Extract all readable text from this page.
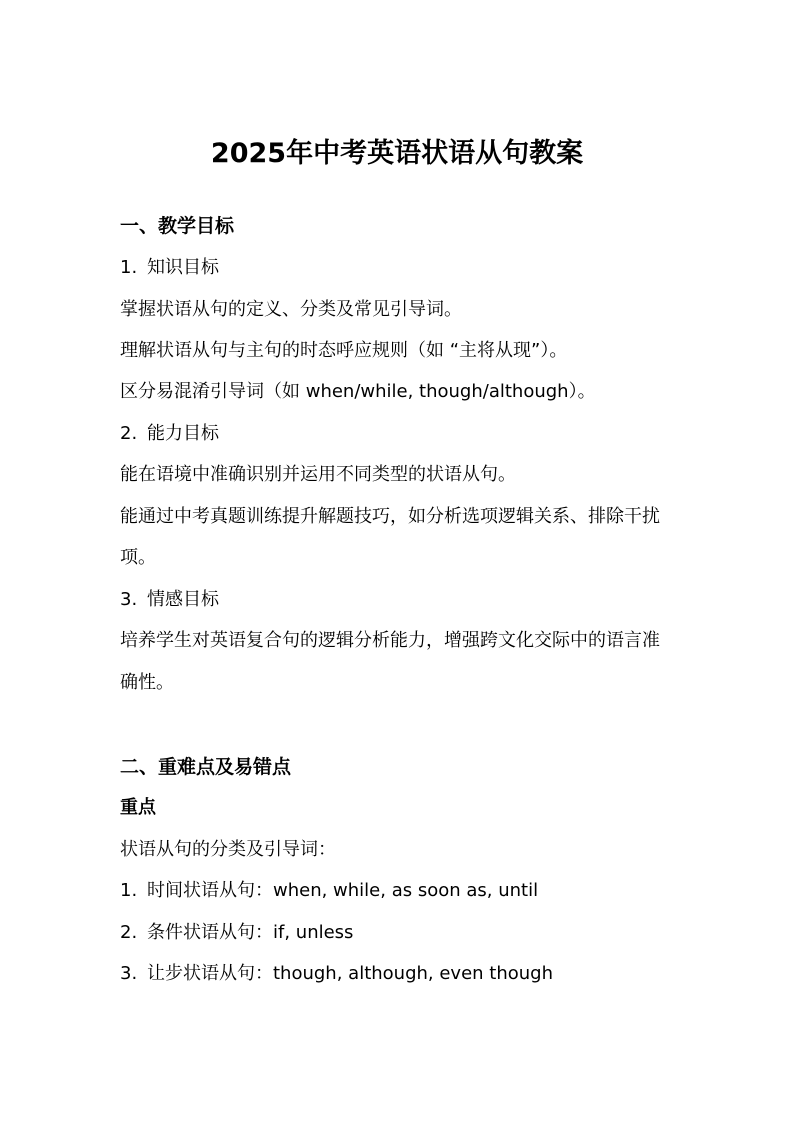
2025年中考英语状语从句教案
一、教学目标
1. 知识目标
掌握状语从句的定义、分类及常见引导词。
理解状语从句与主句的时态呼应规则（如 “主将从现”）。
区分易混淆引导词（如 when/while, though/although）。
2. 能力目标
能在语境中准确识别并运用不同类型的状语从句。
能通过中考真题训练提升解题技巧，如分析选项逻辑关系、排除干扰
项。
3. 情感目标
培养学生对英语复合句的逻辑分析能力，增强跨文化交际中的语言准
确性。
二、重难点及易错点
重点
状语从句的分类及引导词：
1. 时间状语从句：when, while, as soon as, until
2. 条件状语从句：if, unless
3. 让步状语从句：though, although, even though
